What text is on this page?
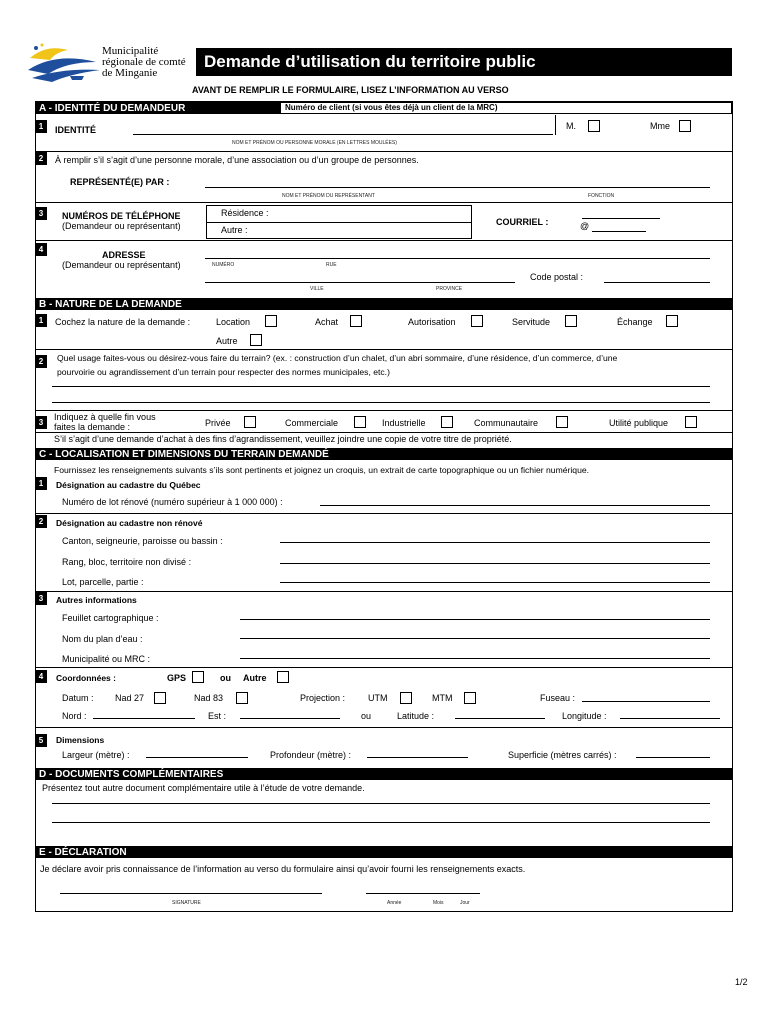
Municipalité
régionale de comté
de Minganie
Demande d’utilisation du territoire public
AVANT DE REMPLIR LE FORMULAIRE, LISEZ L’INFORMATION AU VERSO
A - IDENTITÉ DU DEMANDEUR	Numéro de client (si vous êtes déjà un client de la MRC)
1	IDENTITÉ	M.	Mme
NOM ET PRÉNOM OU PERSONNE MORALE (EN LETTRES MOULÉES)
2	À remplir s’il s’agit d’une personne morale, d’une association ou d’un groupe de personnes.
REPRÉSENTÉ(E) PAR :
NOM ET PRÉNOM DU REPRÉSENTANT	FONCTION
3	NUMÉROS DE TÉLÉPHONE
(Demandeur ou représentant)
Résidence :
Autre :
COURRIEL :	@
4
ADRESSE
(Demandeur ou représentant)	NUMÉRO	RUE
Code postal :
VILLE	PROVINCE
B - NATURE DE LA DEMANDE
1	Cochez la nature de la demande :	Location	Achat	Autorisation	Servitude	Échange
Autre
2	Quel usage faites-vous ou désirez-vous faire du terrain? (ex. : construction d’un chalet, d’un abri sommaire, d’une résidence, d’un commerce, d’une
pourvoirie ou agrandissement d’un terrain pour respecter des normes municipales, etc.)
3
Indiquez à quelle fin vous
faites la demande :	Privée	Commerciale	Industrielle	Communautaire	Utilité publique
S’il s’agit d’une demande d’achat à des fins d’agrandissement, veuillez joindre une copie de votre titre de propriété.
C - LOCALISATION ET DIMENSIONS DU TERRAIN DEMANDÉ
Fournissez les renseignements suivants s’ils sont pertinents et joignez un croquis, un extrait de carte topographique ou un fichier numérique.
1	Désignation au cadastre du Québec
Numéro de lot rénové (numéro supérieur à 1 000 000) :
2	Désignation au cadastre non rénové
Canton, seigneurie, paroisse ou bassin :
Rang, bloc, territoire non divisé :
Lot, parcelle, partie :
3	Autres informations
Feuillet cartographique :
Nom du plan d’eau :
Municipalité ou MRC :
4	Coordonnées :	GPS	ou Autre
Datum : Nad 27	Nad 83	Projection :	UTM	MTM	Fuseau :
Nord :	Est :	ou	Latitude :	Longitude :
5	Dimensions
Largeur (mètre) :	Profondeur (mètre) :	Superficie (mètres carrés) :
D - DOCUMENTS COMPLÉMENTAIRES
Présentez tout autre document complémentaire utile à l’étude de votre demande.
E - DÉCLARATION
Je déclare avoir pris connaissance de l’information au verso du formulaire ainsi qu’avoir fourni les renseignements exacts.
SIGNATURE	Année	Mois	Jour
1/2
